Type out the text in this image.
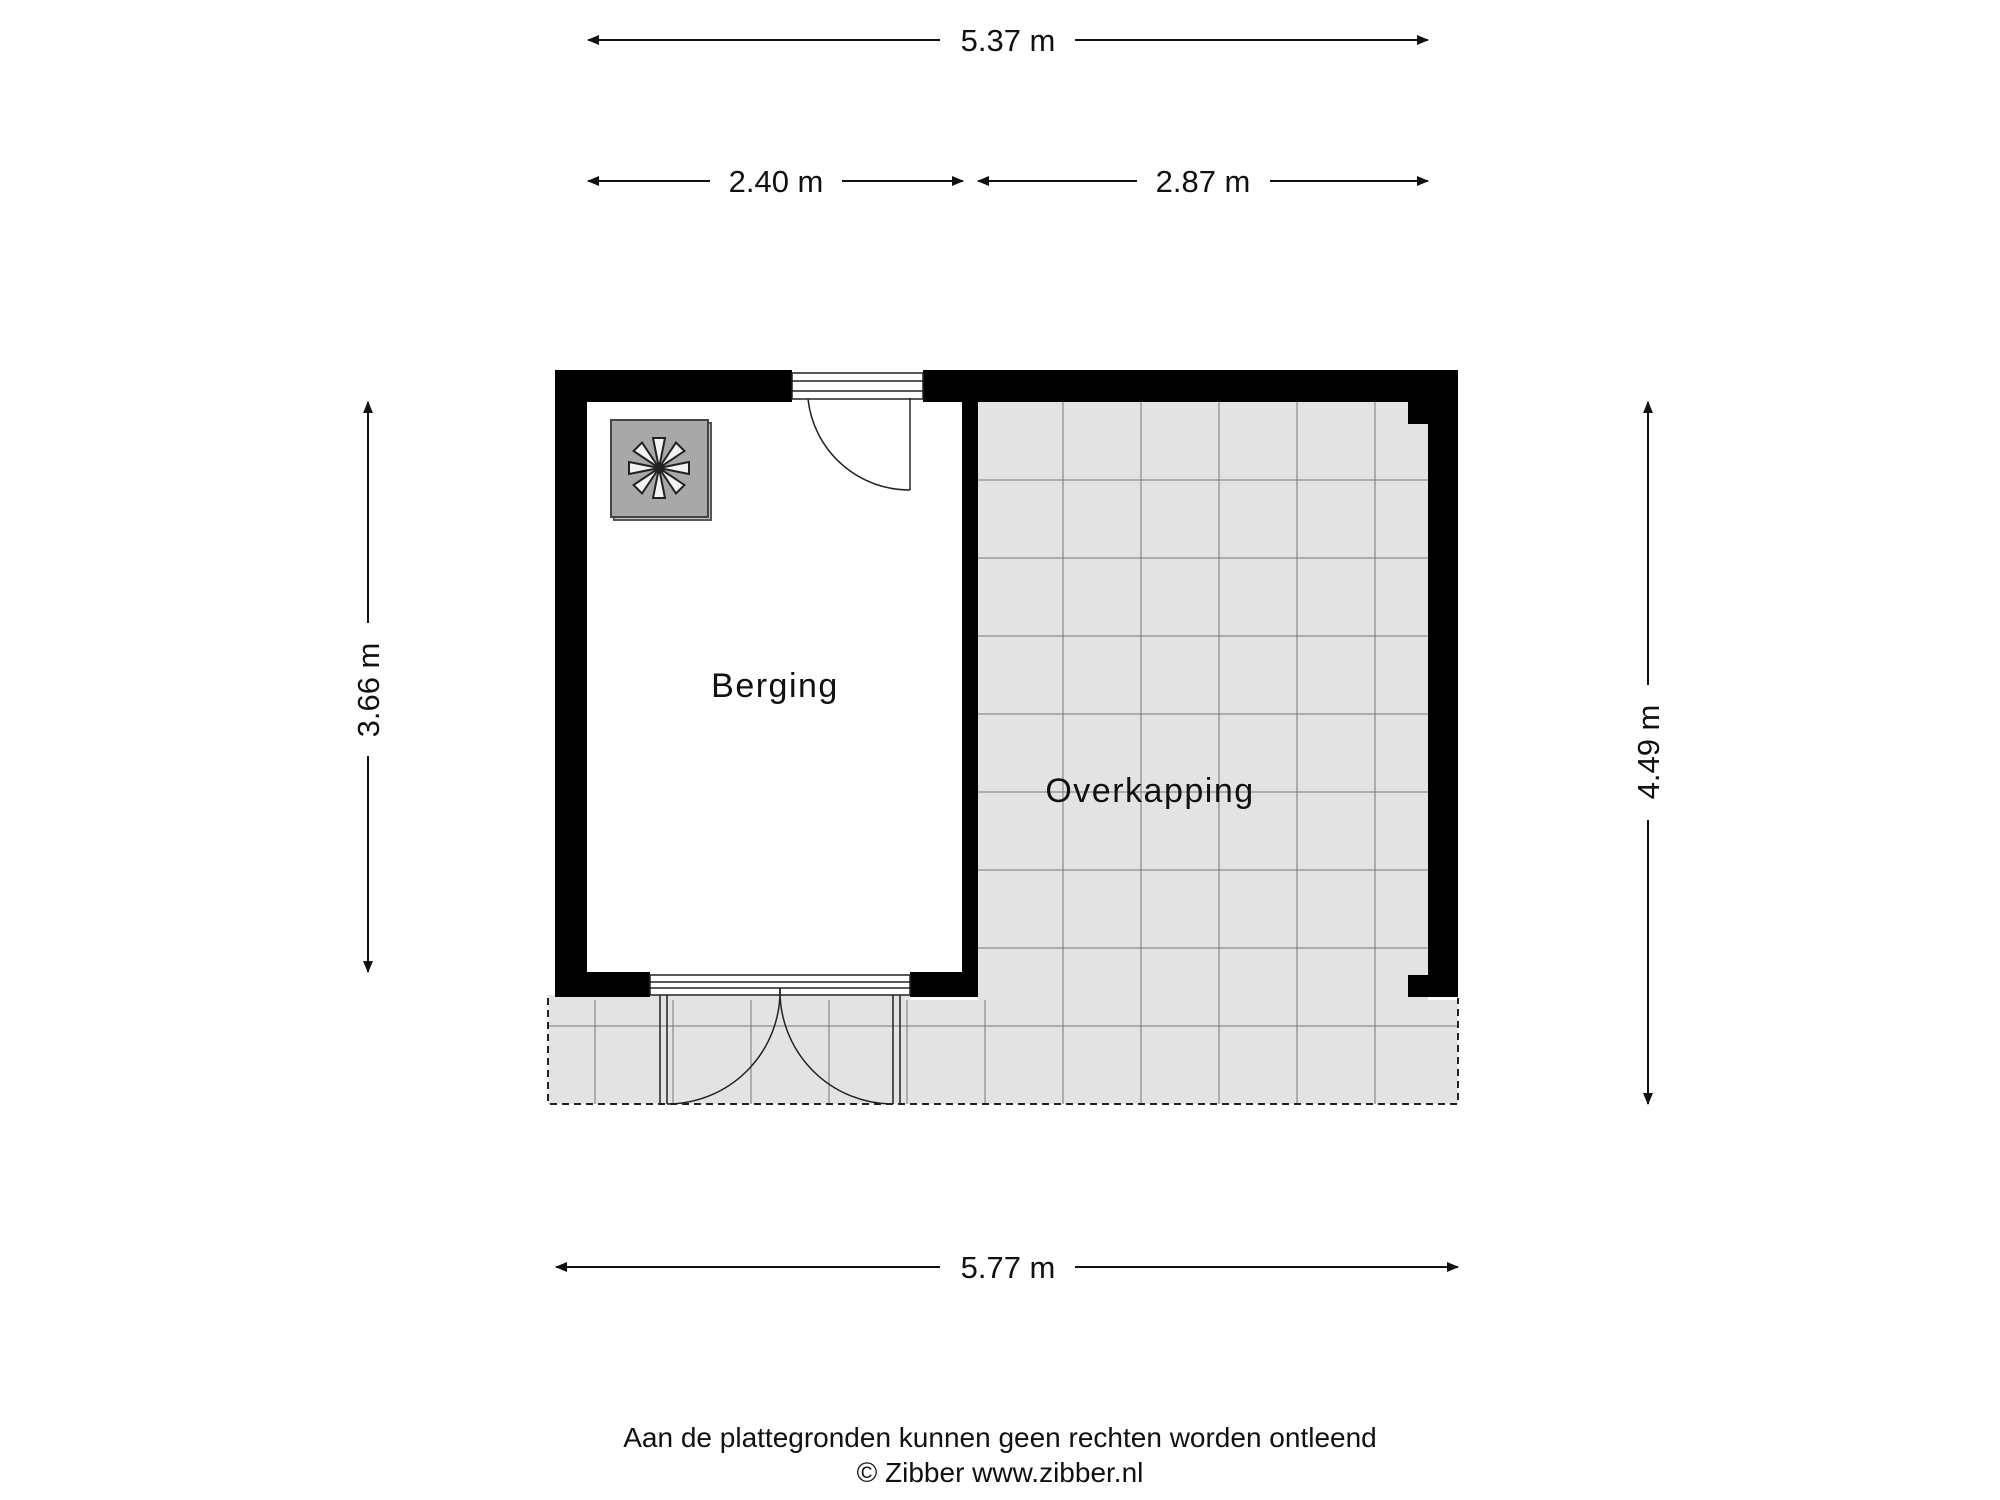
Berging
Overkapping
5.37 m
2.40 m	2.87 m
5.77 m
3.66 m
4.49 m
Aan de plattegronden kunnen geen rechten worden ontleend
© Zibber www.zibber.nl
